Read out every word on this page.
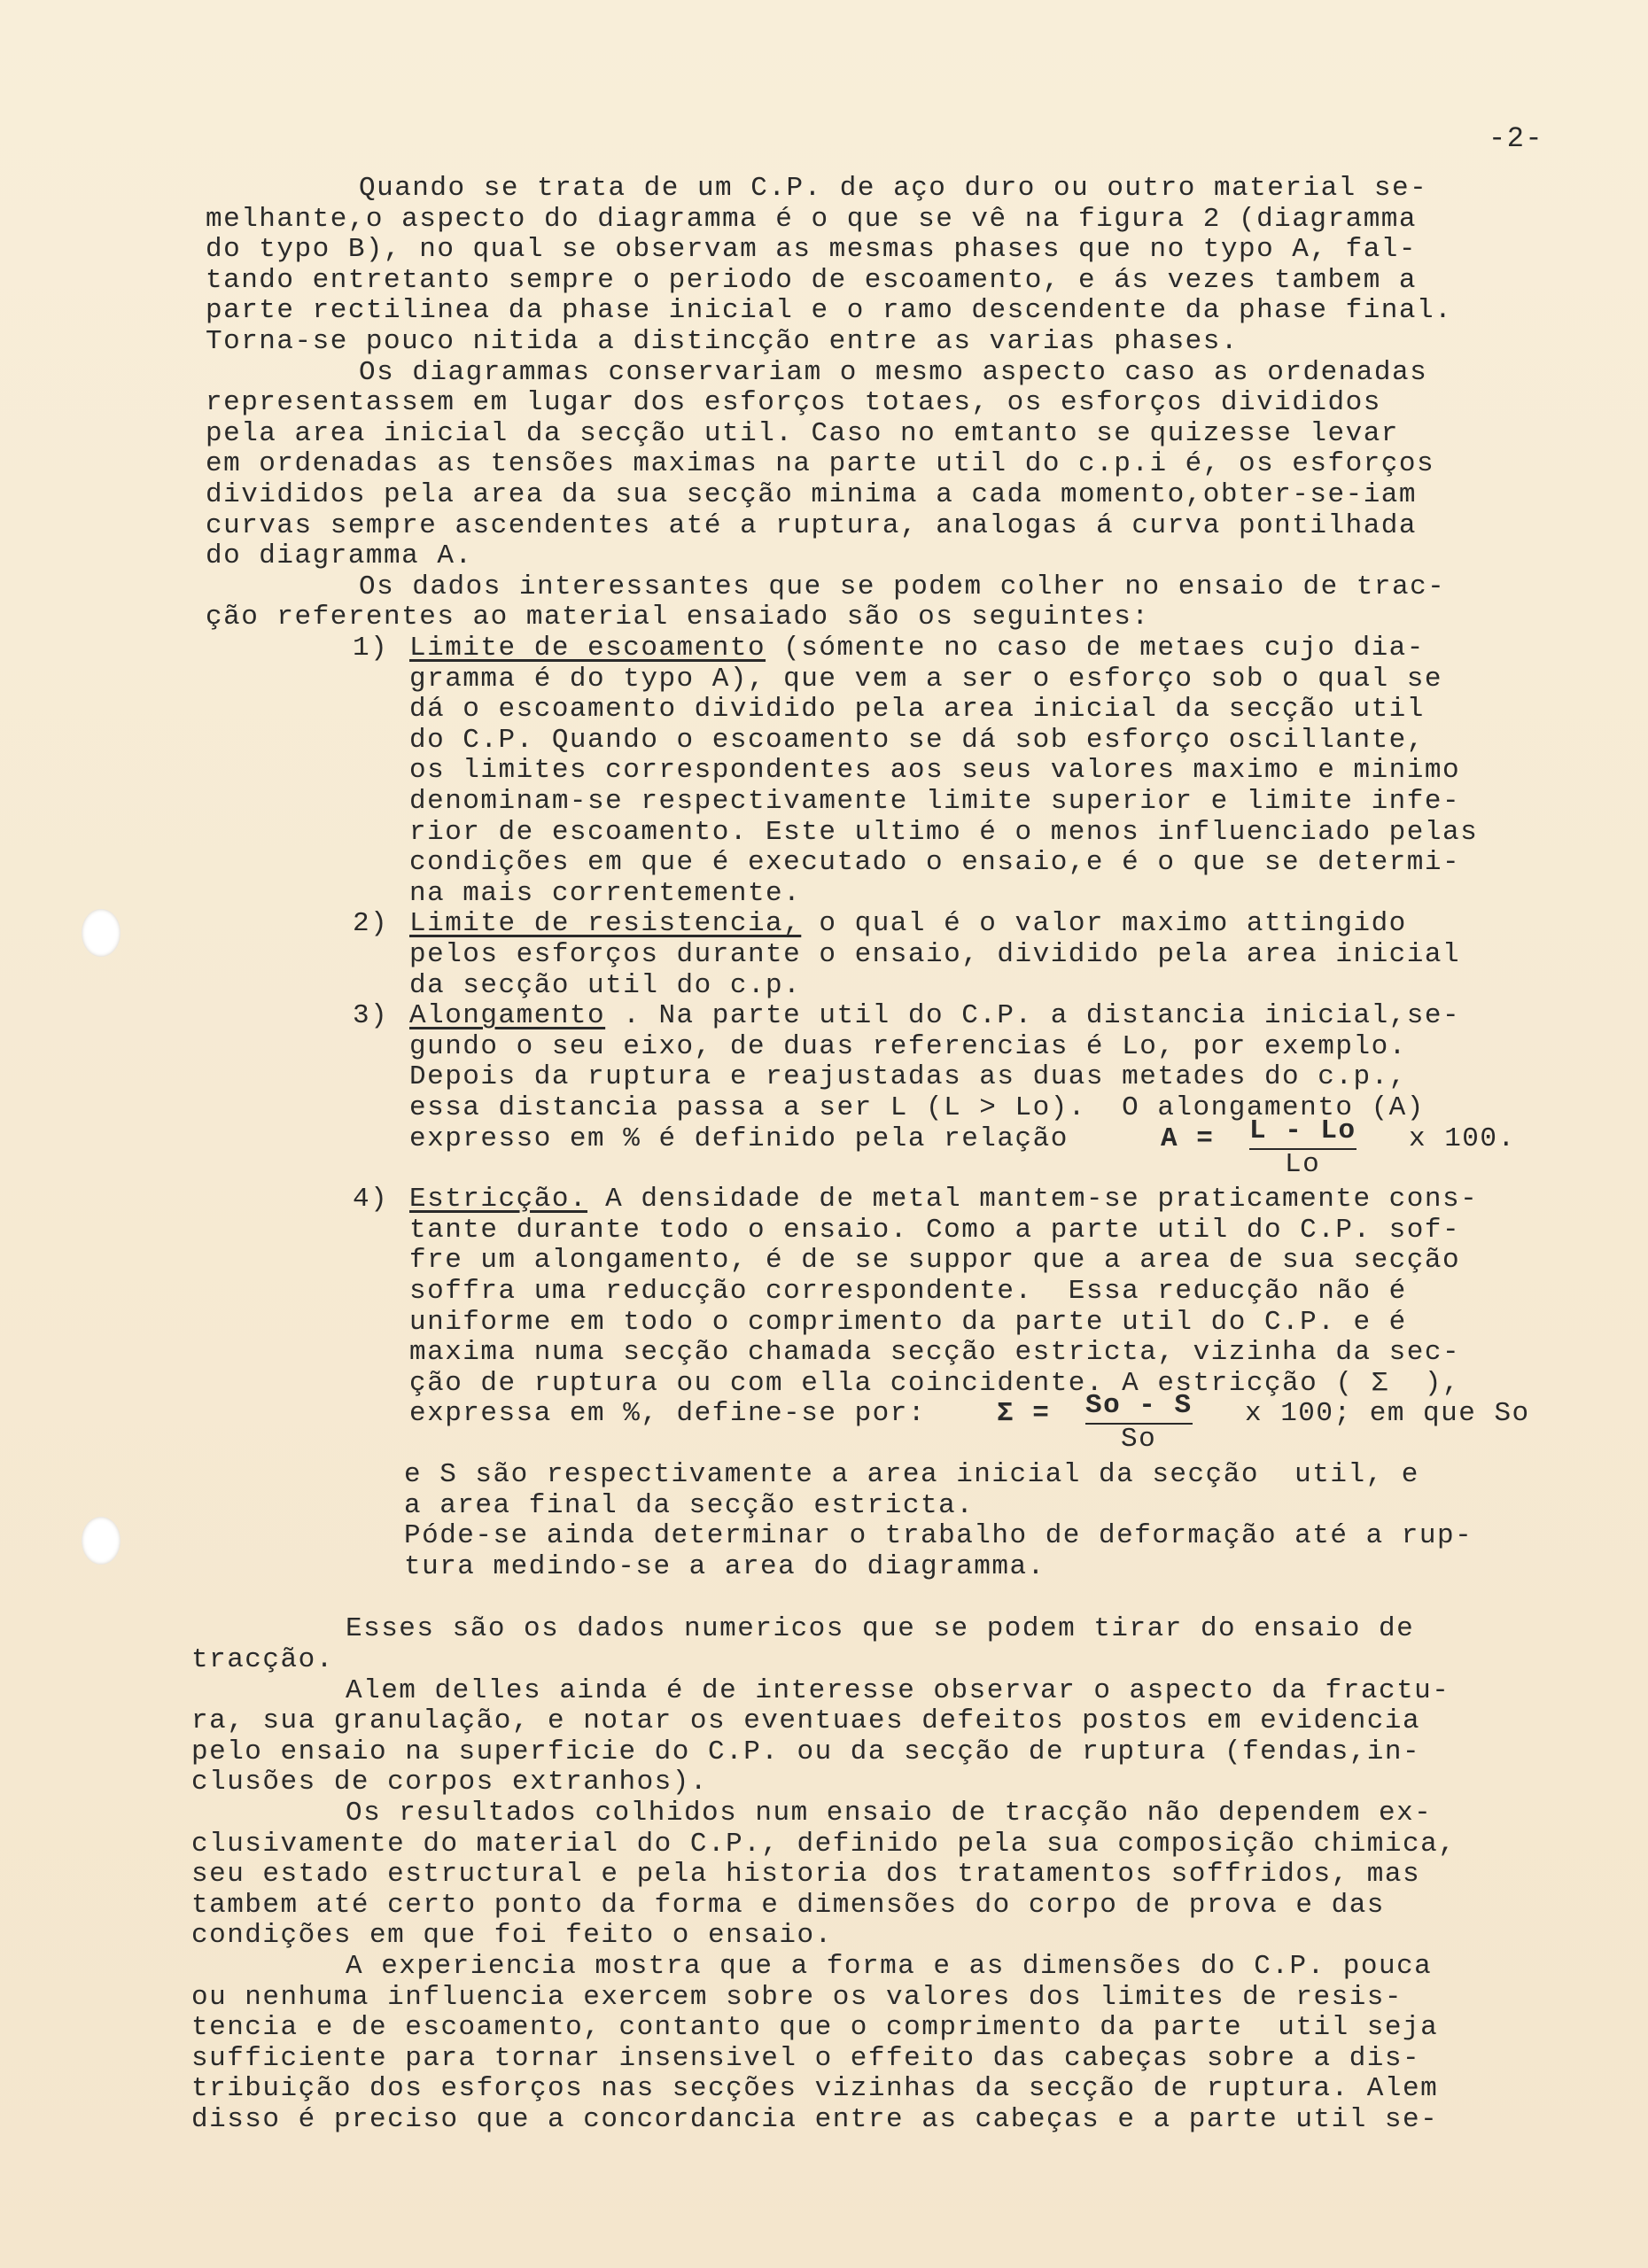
-2-
Quando se trata de um C.P. de aço duro ou outro material se-
melhante,o aspecto do diagramma é o que se vê na figura 2 (diagramma
do typo B), no qual se observam as mesmas phases que no typo A, fal-
tando entretanto sempre o periodo de escoamento, e ás vezes tambem a
parte rectilinea da phase inicial e o ramo descendente da phase final.
Torna-se pouco nitida a distincção entre as varias phases.
Os diagrammas conservariam o mesmo aspecto caso as ordenadas
representassem em lugar dos esforços totaes, os esforços divididos
pela area inicial da secção util. Caso no emtanto se quizesse levar
em ordenadas as tensões maximas na parte util do c.p.i é, os esforços
divididos pela area da sua secção minima a cada momento,obter-se-iam
curvas sempre ascendentes até a ruptura, analogas á curva pontilhada
do diagramma A.
Os dados interessantes que se podem colher no ensaio de trac-
ção referentes ao material ensaiado são os seguintes:
1) Limite de escoamento (sómente no caso de metaes cujo dia-
gramma é do typo A), que vem a ser o esforço sob o qual se
dá o escoamento dividido pela area inicial da secção util
do C.P. Quando o escoamento se dá sob esforço oscillante,
os limites correspondentes aos seus valores maximo e minimo
denominam-se respectivamente limite superior e limite infe-
rior de escoamento. Este ultimo é o menos influenciado pelas
condições em que é executado o ensaio,e é o que se determi-
na mais correntemente.
2) Limite de resistencia, o qual é o valor maximo attingido
pelos esforços durante o ensaio, dividido pela area inicial
da secção util do c.p.
3) Alongamento . Na parte util do C.P. a distancia inicial,se-
gundo o seu eixo, de duas referencias é Lo, por exemplo.
Depois da ruptura e reajustadas as duas metades do c.p.,
essa distancia passa a ser L (L > Lo).  O alongamento (A)
expresso em % é definido pela relação	A = L - Lo
Lo
x 100.
4) Estricção. A densidade de metal mantem-se praticamente cons-
tante durante todo o ensaio. Como a parte util do C.P. sof-
fre um alongamento, é de se suppor que a area de sua secção
soffra uma reducção correspondente.  Essa reducção não é
uniforme em todo o comprimento da parte util do C.P. e é
maxima numa secção chamada secção estricta, vizinha da sec-
ção de ruptura ou com ella coincidente. A estricção ( Σ  ),
expressa em %, define-se por:	Σ = So - S
So
x 100; em que So
e S são respectivamente a area inicial da secção  util, e
a area final da secção estricta.
Póde-se ainda determinar o trabalho de deformação até a rup-
tura medindo-se a area do diagramma.
Esses são os dados numericos que se podem tirar do ensaio de
tracção.
Alem delles ainda é de interesse observar o aspecto da fractu-
ra, sua granulação, e notar os eventuaes defeitos postos em evidencia
pelo ensaio na superficie do C.P. ou da secção de ruptura (fendas,in-
clusões de corpos extranhos).
Os resultados colhidos num ensaio de tracção não dependem ex-
clusivamente do material do C.P., definido pela sua composição chimica,
seu estado estructural e pela historia dos tratamentos soffridos, mas
tambem até certo ponto da forma e dimensões do corpo de prova e das
condições em que foi feito o ensaio.
A experiencia mostra que a forma e as dimensões do C.P. pouca
ou nenhuma influencia exercem sobre os valores dos limites de resis-
tencia e de escoamento, contanto que o comprimento da parte  util seja
sufficiente para tornar insensivel o effeito das cabeças sobre a dis-
tribuição dos esforços nas secções vizinhas da secção de ruptura. Alem
disso é preciso que a concordancia entre as cabeças e a parte util se-
